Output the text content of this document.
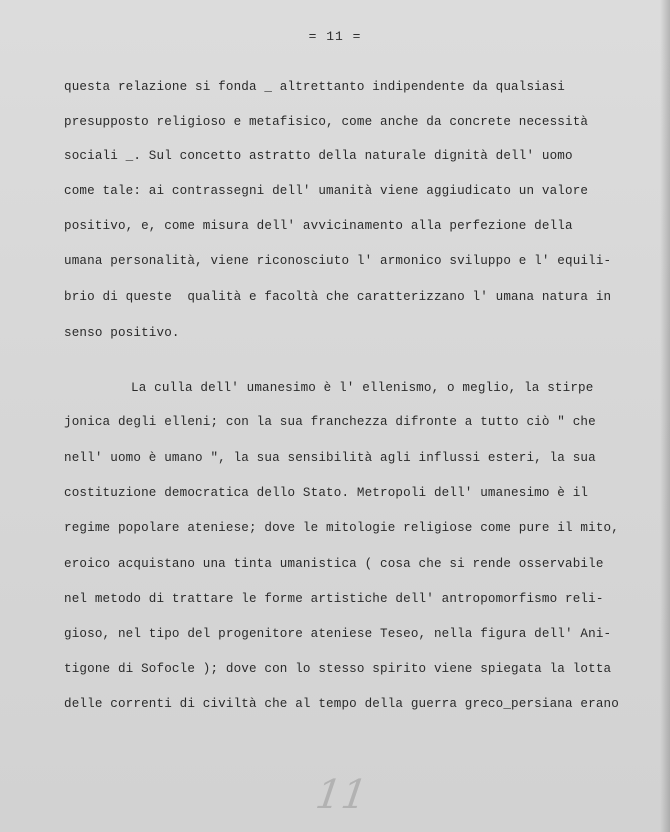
= 11 =
questa relazione si fonda _ altrettanto indipendente da qualsiasi
presupposto religioso e metafisico, come anche da concrete necessità
sociali _. Sul concetto astratto della naturale dignità dell' uomo
come tale: ai contrassegni dell' umanità viene aggiudicato un valore
positivo, e, come misura dell' avvicinamento alla perfezione della
umana personalità, viene riconosciuto l' armonico sviluppo e l' equili-
brio di queste  qualità e facoltà che caratterizzano l' umana natura in
senso positivo.
La culla dell' umanesimo è l' ellenismo, o meglio, la stirpe
jonica degli elleni; con la sua franchezza difronte a tutto ciò " che
nell' uomo è umano ", la sua sensibilità agli influssi esteri, la sua
costituzione democratica dello Stato. Metropoli dell' umanesimo è il
regime popolare ateniese; dove le mitologie religiose come pure il mito,
eroico acquistano una tinta umanistica ( cosa che si rende osservabile
nel metodo di trattare le forme artistiche dell' antropomorfismo reli-
gioso, nel tipo del progenitore ateniese Teseo, nella figura dell' Ani-
tigone di Sofocle ); dove con lo stesso spirito viene spiegata la lotta
delle correnti di civiltà che al tempo della guerra greco_persiana erano
11
